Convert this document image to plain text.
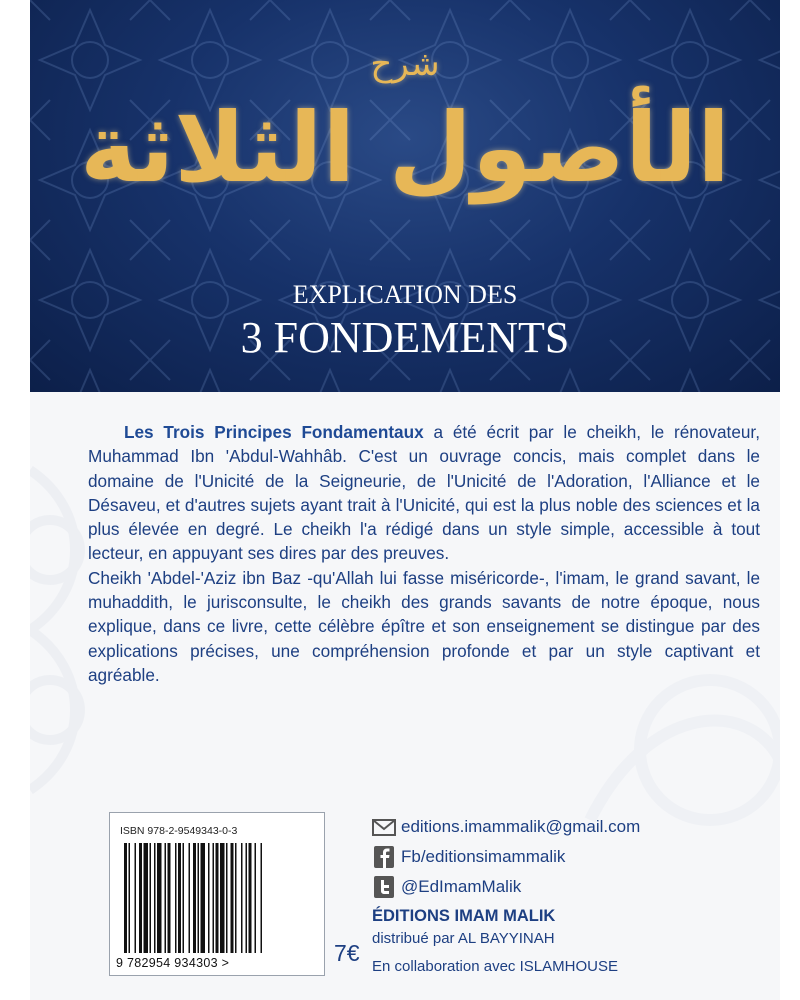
شرح
الأصول الثلاثة
EXPLICATION DES
3 FONDEMENTS

Les Trois Principes Fondamentaux a été écrit par le cheikh, le rénovateur, Muhammad Ibn 'Abdul-Wahhâb. C'est un ouvrage concis, mais complet dans le domaine de l'Unicité de la Seigneurie, de l'Unicité de l'Adoration, l'Alliance et le Désaveu, et d'autres sujets ayant trait à l'Unicité, qui est la plus noble des sciences et la plus élevée en degré. Le cheikh l'a rédigé dans un style simple, accessible à tout lecteur, en appuyant ses dires par des preuves.

Cheikh 'Abdel-'Aziz ibn Baz -qu'Allah lui fasse miséricorde-, l'imam, le grand savant, le muhaddith, le jurisconsulte, le cheikh des grands savants de notre époque, nous explique, dans ce livre, cette célèbre épître et son enseignement se distingue par des explications précises, une compréhension profonde et par un style captivant et agréable.

ISBN 978-2-9549343-0-3
9 782954 934303 >	7€
editions.imammalik@gmail.com
Fb/editionsimammalik
@EdImamMalik
ÉDITIONS IMAM MALIK
distribué par AL BAYYINAH
En collaboration avec ISLAMHOUSE
